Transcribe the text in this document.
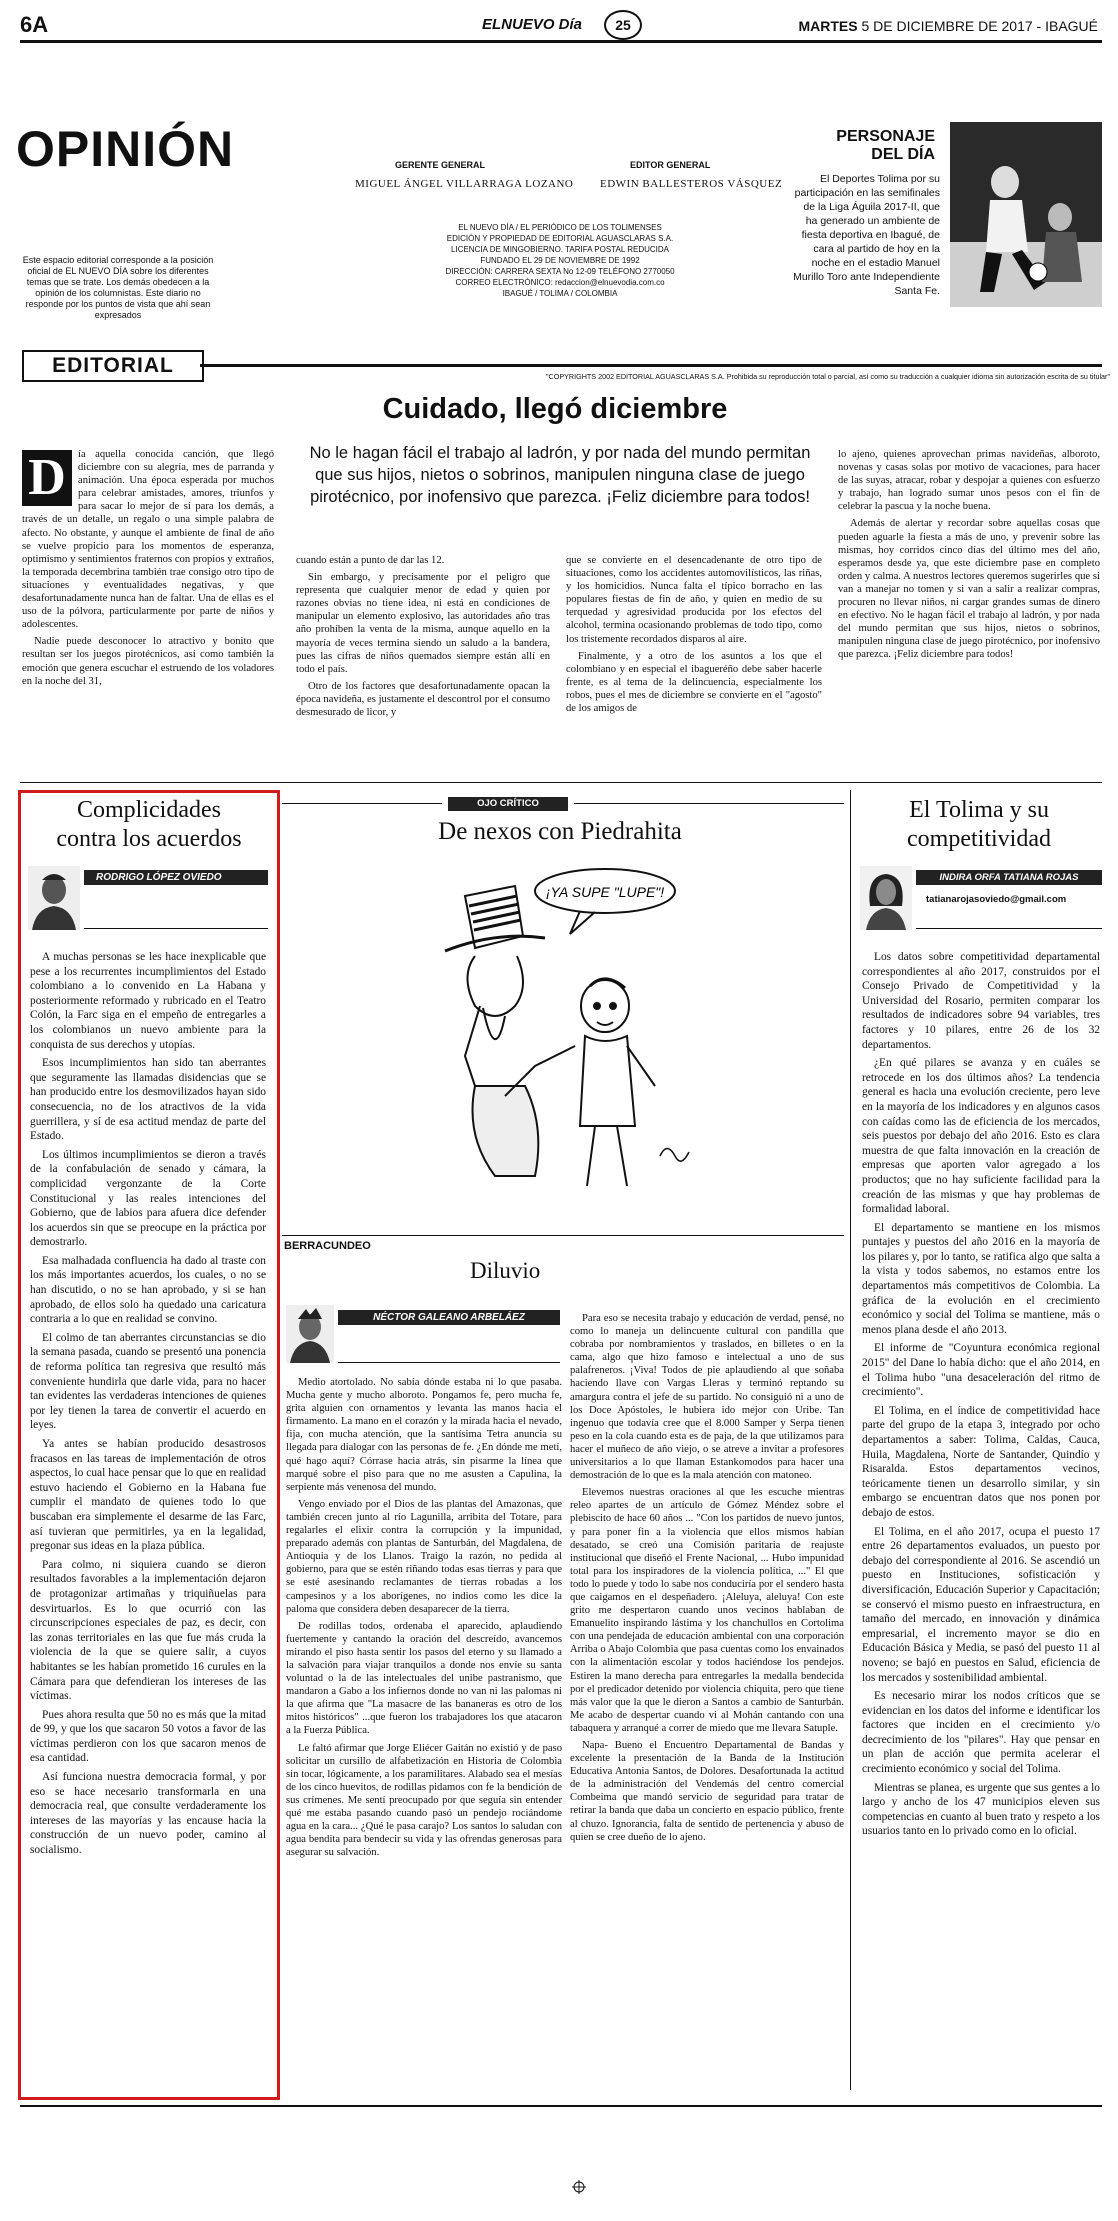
6A	ELNUEVO Día	25	MARTES 5 DE DICIEMBRE DE 2017 - IBAGUÉ
OPINIÓN
Este espacio editorial corresponde a la posición oficial de EL NUEVO DÍA sobre los diferentes temas que se trate. Los demás obedecen a la opinión de los columnistas. Este diario no responde por los puntos de vista que ahí sean expresados
GERENTE GENERAL
MIGUEL ÁNGEL VILLARRAGA LOZANO
EDITOR GENERAL
EDWIN BALLESTEROS VÁSQUEZ
EL NUEVO DÍA / EL PERIÓDICO DE LOS TOLIMENSES
EDICIÓN Y PROPIEDAD DE EDITORIAL AGUASCLARAS S.A.
LICENCIA DE MINGOBIERNO. TARIFA POSTAL REDUCIDA
FUNDADO EL 29 DE NOVIEMBRE DE 1992
DIRECCIÓN: CARRERA SEXTA No 12-09 TELÉFONO 2770050
CORREO ELECTRÓNICO: redaccion@elnuevodia.com.co
IBAGUÉ / TOLIMA / COLOMBIA
PERSONAJE
DEL DÍA
El Deportes Tolima por su participación en las semifinales de la Liga Águila 2017-II, que ha generado un ambiente de fiesta deportiva en Ibagué, de cara al partido de hoy en la noche en el estadio Manuel Murillo Toro ante Independiente Santa Fe.
EDITORIAL	"COPYRIGHTS 2002 EDITORIAL AGUASCLARAS S.A. Prohibida su reproducción total o parcial, así como su traducción a cualquier idioma sin autorización escrita de su titular"
Cuidado, llegó diciembre
No le hagan fácil el trabajo al ladrón, y por nada del mundo permitan que sus hijos, nietos o sobrinos, manipulen ninguna clase de juego pirotécnico, por inofensivo que parezca. ¡Feliz diciembre para todos!
D	ía aquella conocida canción, que llegó diciembre con su alegría, mes de parranda y animación. Una época esperada por muchos para celebrar amistades, amores, triunfos y para sacar lo mejor de sí para los demás, a través de un detalle, un regalo o una simple palabra de afecto. No obstante, y aunque el ambiente de final de año se vuelve propicio para los momentos de esperanza, optimismo y sentimientos fraternos con propios y extraños, la temporada decembrina también trae consigo otro tipo de situaciones y eventualidades negativas, y que desafortunadamente nunca han de faltar. Una de ellas es el uso de la pólvora, particularmente por parte de niños y adolescentes.

Nadie puede desconocer lo atractivo y bonito que resultan ser los juegos pirotécnicos, así como también la emoción que genera escuchar el estruendo de los voladores en la noche del 31,

cuando están a punto de dar las 12.

Sin embargo, y precisamente por el peligro que representa que cualquier menor de edad y quien por razones obvias no tiene idea, ni está en condiciones de manipular un elemento explosivo, las autoridades año tras año prohíben la venta de la misma, aunque aquello en la mayoría de veces termina siendo un saludo a la bandera, pues las cifras de niños quemados siempre están allí en todo el país.

Otro de los factores que desafortunadamente opacan la época navideña, es justamente el descontrol por el consumo desmesurado de licor, y

que se convierte en el desencadenante de otro tipo de situaciones, como los accidentes automovilísticos, las riñas, y los homicidios. Nunca falta el típico borracho en las populares fiestas de fin de año, y quien en medio de su terquedad y agresividad producida por los efectos del alcohol, termina ocasionando problemas de todo tipo, como los tristemente recordados disparos al aire.

Finalmente, y a otro de los asuntos a los que el colombiano y en especial el ibagueréño debe saber hacerle frente, es al tema de la delincuencia, especialmente los robos, pues el mes de diciembre se convierte en el "agosto" de los amigos de

lo ajeno, quienes aprovechan primas navideñas, alboroto, novenas y casas solas por motivo de vacaciones, para hacer de las suyas, atracar, robar y despojar a quienes con esfuerzo y trabajo, han logrado sumar unos pesos con el fin de celebrar la pascua y la noche buena.

Además de alertar y recordar sobre aquellas cosas que pueden aguarle la fiesta a más de uno, y prevenir sobre las mismas, hoy corridos cinco días del último mes del año, esperamos desde ya, que este diciembre pase en completo orden y calma. A nuestros lectores queremos sugerirles que si van a manejar no tomen y si van a salir a realizar compras, procuren no llevar niños, ni cargar grandes sumas de dinero en efectivo. No le hagan fácil el trabajo al ladrón, y por nada del mundo permitan que sus hijos, nietos o sobrinos, manipulen ninguna clase de juego pirotécnico, por inofensivo que parezca. ¡Feliz diciembre para todos!

Complicidades
contra los acuerdos
RODRIGO LÓPEZ OVIEDO

A muchas personas se les hace inexplicable que pese a los recurrentes incumplimientos del Estado colombiano a lo convenido en La Habana y posteriormente reformado y rubricado en el Teatro Colón, la Farc siga en el empeño de entregarles a los colombianos un nuevo ambiente para la conquista de sus derechos y utopías.

Esos incumplimientos han sido tan aberrantes que seguramente las llamadas disidencias que se han producido entre los desmovilizados hayan sido consecuencia, no de los atractivos de la vida guerrillera, y sí de esa actitud mendaz de parte del Estado.

Los últimos incumplimientos se dieron a través de la confabulación de senado y cámara, la complicidad vergonzante de la Corte Constitucional y las reales intenciones del Gobierno, que de labios para afuera dice defender los acuerdos sin que se preocupe en la práctica por demostrarlo.

Esa malhadada confluencia ha dado al traste con los más importantes acuerdos, los cuales, o no se han discutido, o no se han aprobado, y si se han aprobado, de ellos solo ha quedado una caricatura contraria a lo que en realidad se convino.

El colmo de tan aberrantes circunstancias se dio la semana pasada, cuando se presentó una ponencia de reforma política tan regresiva que resultó más conveniente hundirla que darle vida, para no hacer tan evidentes las verdaderas intenciones de quienes por ley tienen la tarea de convertir el acuerdo en leyes.

Ya antes se habían producido desastrosos fracasos en las tareas de implementación de otros aspectos, lo cual hace pensar que lo que en realidad estuvo haciendo el Gobierno en la Habana fue cumplir el mandato de quienes todo lo que buscaban era simplemente el desarme de las Farc, así tuvieran que permitirles, ya en la legalidad, pregonar sus ideas en la plaza pública.

Para colmo, ni siquiera cuando se dieron resultados favorables a la implementación dejaron de protagonizar artimañas y triquiñuelas para desvirtuarlos. Es lo que ocurrió con las circunscripciones especiales de paz, es decir, con las zonas territoriales en las que fue más cruda la violencia de la que se quiere salir, a cuyos habitantes se les habían prometido 16 curules en la Cámara para que defendieran los intereses de las víctimas.

Pues ahora resulta que 50 no es más que la mitad de 99, y que los que sacaron 50 votos a favor de las víctimas perdieron con los que sacaron menos de esa cantidad.

Así funciona nuestra democracia formal, y por eso se hace necesario transformarla en una democracia real, que consulte verdaderamente los intereses de las mayorías y las encause hacia la construcción de un nuevo poder, camino al socialismo.

OJO CRÍTICO
De nexos con Piedrahita
¡YA SUPE "LUPE"!
BERRACUNDEO
Diluvio
NÉCTOR GALEANO ARBELÁEZ

Medio atortolado. No sabía dónde estaba ni lo que pasaba. Mucha gente y mucho alboroto. Pongamos fe, pero mucha fe, grita alguien con ornamentos y levanta las manos hacia el firmamento. La mano en el corazón y la mirada hacia el nevado, fija, con mucha atención, que la santísima Tetra anuncia su llegada para dialogar con las personas de fe. ¿En dónde me metí, qué hago aquí? Córrase hacia atrás, sin pisarme la línea que marqué sobre el piso para que no me asusten a Capulina, la serpiente más venenosa del mundo.

Vengo enviado por el Dios de las plantas del Amazonas, que también crecen junto al río Lagunilla, arribita del Totare, para regalarles el elixir contra la corrupción y la impunidad, preparado además con plantas de Santurbán, del Magdalena, de Antioquia y de los Llanos. Traigo la razón, no pedida al gobierno, para que se estén riñando todas esas tierras y para que se esté asesinando reclamantes de tierras robadas a los campesinos y a los aborígenes, no indios como les dice la paloma que considera deben desaparecer de la tierra.

De rodillas todos, ordenaba el aparecido, aplaudiendo fuertemente y cantando la oración del descreído, avancemos mirando el piso hasta sentir los pasos del eterno y su llamado a la salvación para viajar tranquilos a donde nos envíe su santa voluntad o la de las intelectuales del unibe pastranismo, que mandaron a Gabo a los infiernos donde no van ni las palomas ni la que afirma que "La masacre de las bananeras es otro de los mitos históricos" ...que fueron los trabajadores los que atacaron a la Fuerza Pública.

Le faltó afirmar que Jorge Eliécer Gaitán no existió y de paso solicitar un cursillo de alfabetización en Historia de Colombia sin tocar, lógicamente, a los paramilitares. Alabado sea el mesías de los cinco huevitos, de rodillas pidamos con fe la bendición de sus crímenes. Me sentí preocupado por que seguía sin entender qué me estaba pasando cuando pasó un pendejo rociándome agua en la cara... ¿Qué le pasa carajo? Los santos lo saludan con agua bendita para bendecir su vida y las ofrendas generosas para asegurar su salvación.

Para eso se necesita trabajo y educación de verdad, pensé, no como lo maneja un delincuente cultural con pandilla que cobraba por nombramientos y traslados, en billetes o en la cama, algo que hizo famoso e intelectual a uno de sus palafreneros. ¡Viva! Todos de pie aplaudiendo al que soñaba haciendo llave con Vargas Lleras y terminó reptando su amargura contra el jefe de su partido. No consiguió ni a uno de los Doce Apóstoles, le hubiera ido mejor con Uribe. Tan ingenuo que todavía cree que el 8.000 Samper y Serpa tienen peso en la cola cuando esta es de paja, de la que utilizamos para hacer el muñeco de año viejo, o se atreve a invitar a profesores universitarios a lo que llaman Estankomodos para hacer una demostración de lo que es la mala atención con matoneo.

Elevemos nuestras oraciones al que les escuche mientras releo apartes de un artículo de Gómez Méndez sobre el plebiscito de hace 60 años ... "Con los partidos de nuevo juntos, y para poner fin a la violencia que ellos mismos habían desatado, se creó una Comisión paritaria de reajuste institucional que diseñó el Frente Nacional, ... Hubo impunidad total para los inspiradores de la violencia política, ..." El que todo lo puede y todo lo sabe nos conduciría por el sendero hasta que caigamos en el despeñadero. ¡Aleluya, aleluya! Con este grito me despertaron cuando unos vecinos hablaban de Emanuelito inspirando lástima y los chanchullos en Cortolima con una pendejada de educación ambiental con una corporación Arriba o Abajo Colombia que pasa cuentas como los envainados con la alimentación escolar y todos haciéndose los pendejos. Estiren la mano derecha para entregarles la medalla bendecida por el predicador detenido por violencia chiquita, pero que tiene más valor que la que le dieron a Santos a cambio de Santurbán. Me acabo de despertar cuando vi al Mohán cantando con una tabaquera y arranqué a correr de miedo que me llevara Satuple.

Napa- Bueno el Encuentro Departamental de Bandas y excelente la presentación de la Banda de la Institución Educativa Antonia Santos, de Dolores. Desafortunada la actitud de la administración del Vendemás del centro comercial Combeima que mandó servicio de seguridad para tratar de retirar la banda que daba un concierto en espacio público, frente al chuzo. Ignorancia, falta de sentido de pertenencia y abuso de quien se cree dueño de lo ajeno.

El Tolima y su
competitividad
INDIRA ORFA TATIANA ROJAS
tatianarojasoviedo@gmail.com

Los datos sobre competitividad departamental correspondientes al año 2017, construidos por el Consejo Privado de Competitividad y la Universidad del Rosario, permiten comparar los resultados de indicadores sobre 94 variables, tres factores y 10 pilares, entre 26 de los 32 departamentos.

¿En qué pilares se avanza y en cuáles se retrocede en los dos últimos años? La tendencia general es hacia una evolución creciente, pero leve en la mayoría de los indicadores y en algunos casos con caídas como las de eficiencia de los mercados, seis puestos por debajo del año 2016. Esto es clara muestra de que falta innovación en la creación de empresas que aporten valor agregado a los productos; que no hay suficiente facilidad para la creación de las mismas y que hay problemas de formalidad laboral.

El departamento se mantiene en los mismos puntajes y puestos del año 2016 en la mayoría de los pilares y, por lo tanto, se ratifica algo que salta a la vista y todos sabemos, no estamos entre los departamentos más competitivos de Colombia. La gráfica de la evolución en el crecimiento económico y social del Tolima se mantiene, más o menos plana desde el año 2013.

El informe de "Coyuntura económica regional 2015" del Dane lo había dicho: que el año 2014, en el Tolima hubo "una desaceleración del ritmo de crecimiento".

El Tolima, en el índice de competitividad hace parte del grupo de la etapa 3, integrado por ocho departamentos a saber: Tolima, Caldas, Cauca, Huila, Magdalena, Norte de Santander, Quindío y Risaralda. Estos departamentos vecinos, teóricamente tienen un desarrollo similar, y sin embargo se encuentran datos que nos ponen por debajo de estos.

El Tolima, en el año 2017, ocupa el puesto 17 entre 26 departamentos evaluados, un puesto por debajo del correspondiente al 2016. Se ascendió un puesto en Instituciones, sofisticación y diversificación, Educación Superior y Capacitación; se conservó el mismo puesto en infraestructura, en tamaño del mercado, en innovación y dinámica empresarial, el incremento mayor se dio en Educación Básica y Media, se pasó del puesto 11 al noveno; se bajó en puestos en Salud, eficiencia de los mercados y sostenibilidad ambiental.

Es necesario mirar los nodos críticos que se evidencian en los datos del informe e identificar los factores que inciden en el crecimiento y/o decrecimiento de los "pilares". Hay que pensar en un plan de acción que permita acelerar el crecimiento económico y social del Tolima.

Mientras se planea, es urgente que sus gentes a lo largo y ancho de los 47 municipios eleven sus competencias en cuanto al buen trato y respeto a los usuarios tanto en lo privado como en lo oficial.
